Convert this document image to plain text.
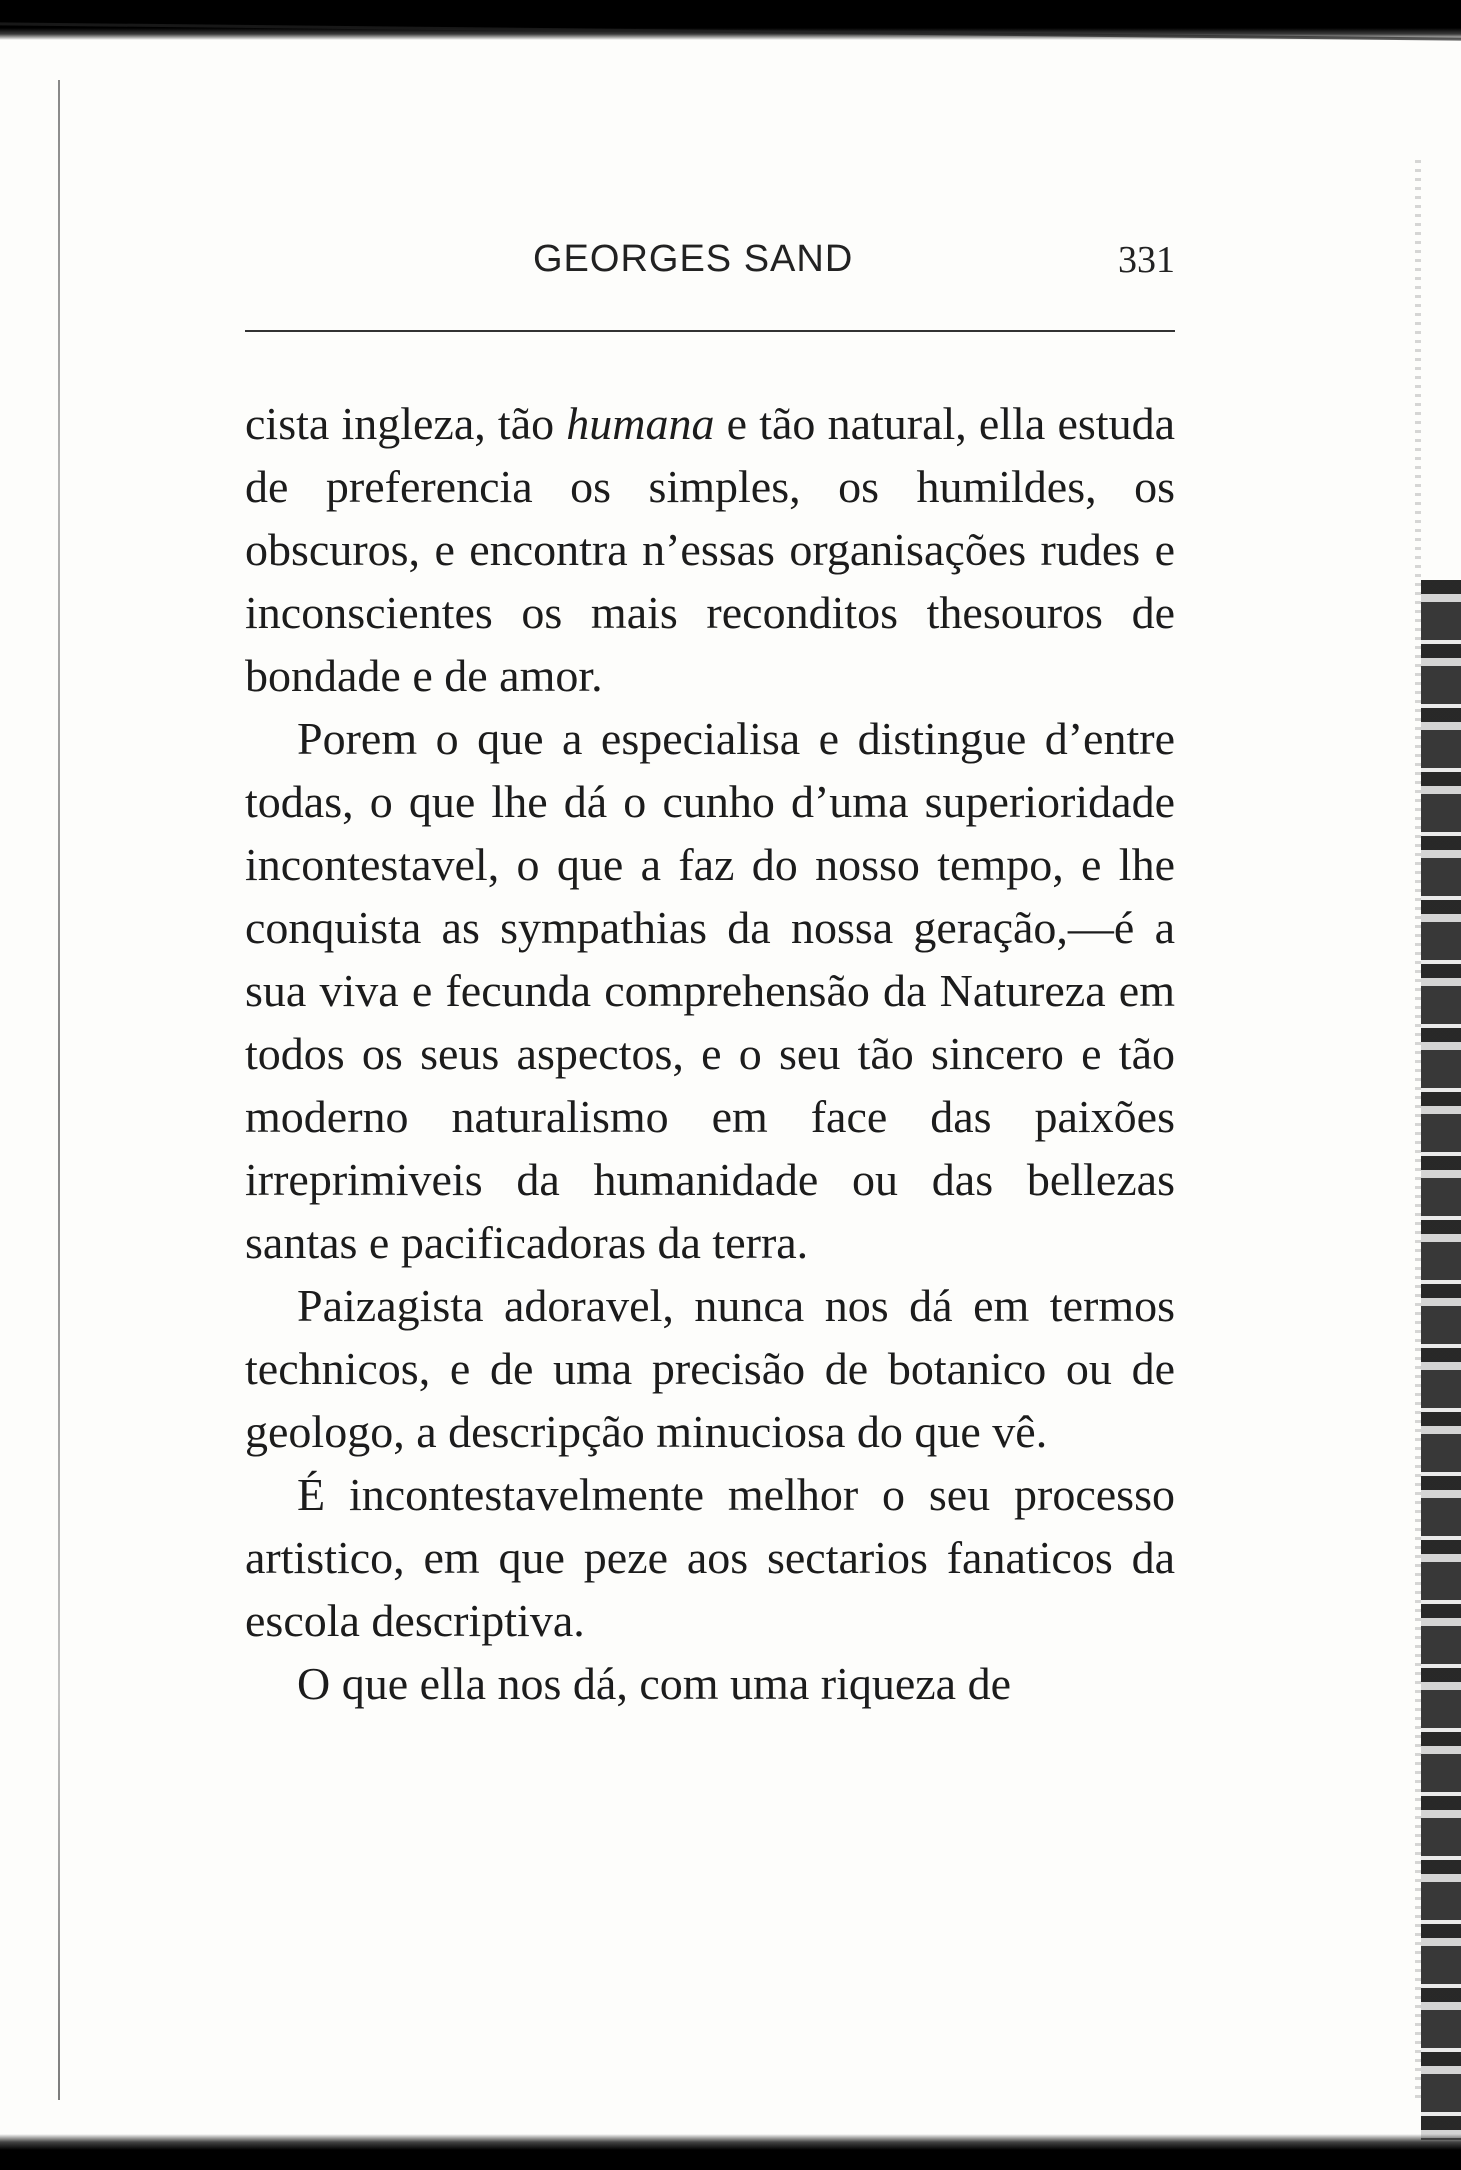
GEORGES SAND	331

cista ingleza, tão humana e tão natural, ella estuda de preferencia os simples, os humildes, os obscuros, e encontra n’essas organisações rudes e inconscientes os mais reconditos thesouros de bondade e de amor.

Porem o que a especialisa e distingue d’entre todas, o que lhe dá o cunho d’uma superioridade incontestavel, o que a faz do nosso tempo, e lhe conquista as sympathias da nossa geração,—é a sua viva e fecunda comprehensão da Natureza em todos os seus aspectos, e o seu tão sincero e tão moderno naturalismo em face das paixões irreprimiveis da humanidade ou das bellezas santas e pacificadoras da terra.

Paizagista adoravel, nunca nos dá em termos technicos, e de uma precisão de botanico ou de geologo, a descripção minuciosa do que vê.

É incontestavelmente melhor o seu processo artistico, em que peze aos sectarios fanaticos da escola descriptiva.

O que ella nos dá, com uma riqueza de
